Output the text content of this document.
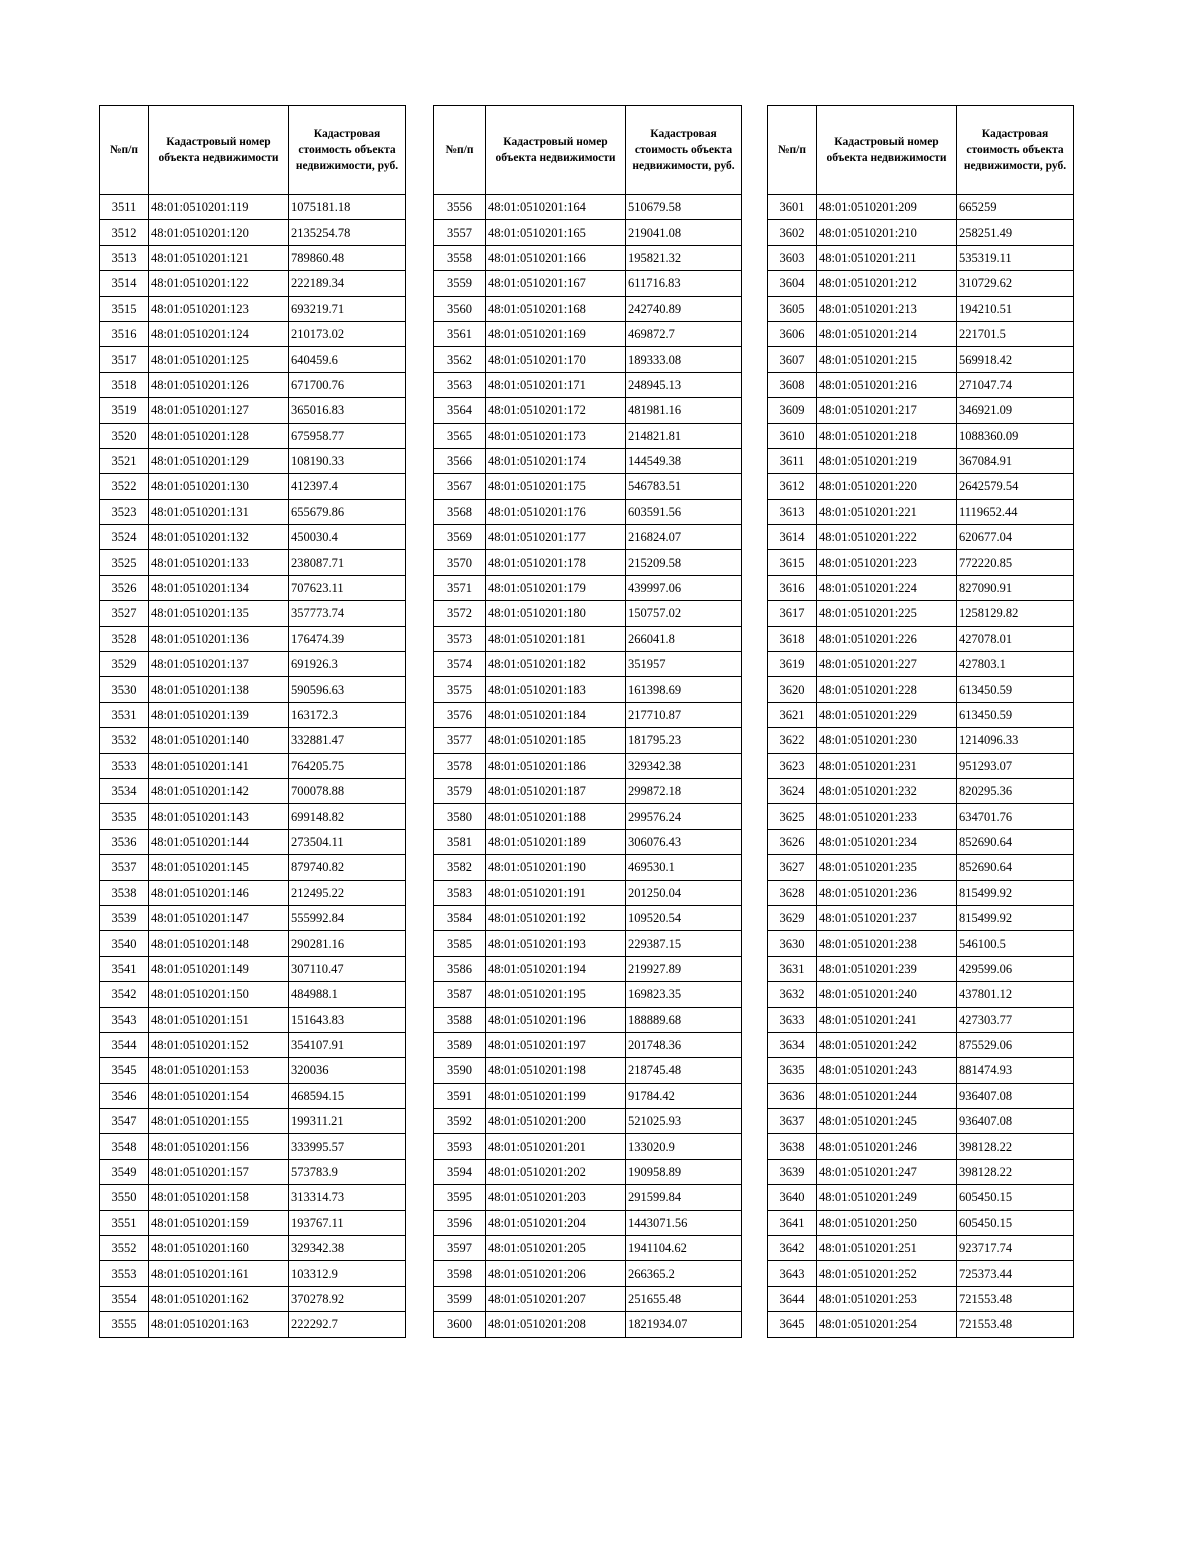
№п/п	Кадастровый номер объекта недвижимости	Кадастровая стоимость объекта недвижимости, руб.
3511	48:01:0510201:119	1075181.18
3512	48:01:0510201:120	2135254.78
3513	48:01:0510201:121	789860.48
3514	48:01:0510201:122	222189.34
3515	48:01:0510201:123	693219.71
3516	48:01:0510201:124	210173.02
3517	48:01:0510201:125	640459.6
3518	48:01:0510201:126	671700.76
3519	48:01:0510201:127	365016.83
3520	48:01:0510201:128	675958.77
3521	48:01:0510201:129	108190.33
3522	48:01:0510201:130	412397.4
3523	48:01:0510201:131	655679.86
3524	48:01:0510201:132	450030.4
3525	48:01:0510201:133	238087.71
3526	48:01:0510201:134	707623.11
3527	48:01:0510201:135	357773.74
3528	48:01:0510201:136	176474.39
3529	48:01:0510201:137	691926.3
3530	48:01:0510201:138	590596.63
3531	48:01:0510201:139	163172.3
3532	48:01:0510201:140	332881.47
3533	48:01:0510201:141	764205.75
3534	48:01:0510201:142	700078.88
3535	48:01:0510201:143	699148.82
3536	48:01:0510201:144	273504.11
3537	48:01:0510201:145	879740.82
3538	48:01:0510201:146	212495.22
3539	48:01:0510201:147	555992.84
3540	48:01:0510201:148	290281.16
3541	48:01:0510201:149	307110.47
3542	48:01:0510201:150	484988.1
3543	48:01:0510201:151	151643.83
3544	48:01:0510201:152	354107.91
3545	48:01:0510201:153	320036
3546	48:01:0510201:154	468594.15
3547	48:01:0510201:155	199311.21
3548	48:01:0510201:156	333995.57
3549	48:01:0510201:157	573783.9
3550	48:01:0510201:158	313314.73
3551	48:01:0510201:159	193767.11
3552	48:01:0510201:160	329342.38
3553	48:01:0510201:161	103312.9
3554	48:01:0510201:162	370278.92
3555	48:01:0510201:163	222292.7
№п/п	Кадастровый номер объекта недвижимости	Кадастровая стоимость объекта недвижимости, руб.
3556	48:01:0510201:164	510679.58
3557	48:01:0510201:165	219041.08
3558	48:01:0510201:166	195821.32
3559	48:01:0510201:167	611716.83
3560	48:01:0510201:168	242740.89
3561	48:01:0510201:169	469872.7
3562	48:01:0510201:170	189333.08
3563	48:01:0510201:171	248945.13
3564	48:01:0510201:172	481981.16
3565	48:01:0510201:173	214821.81
3566	48:01:0510201:174	144549.38
3567	48:01:0510201:175	546783.51
3568	48:01:0510201:176	603591.56
3569	48:01:0510201:177	216824.07
3570	48:01:0510201:178	215209.58
3571	48:01:0510201:179	439997.06
3572	48:01:0510201:180	150757.02
3573	48:01:0510201:181	266041.8
3574	48:01:0510201:182	351957
3575	48:01:0510201:183	161398.69
3576	48:01:0510201:184	217710.87
3577	48:01:0510201:185	181795.23
3578	48:01:0510201:186	329342.38
3579	48:01:0510201:187	299872.18
3580	48:01:0510201:188	299576.24
3581	48:01:0510201:189	306076.43
3582	48:01:0510201:190	469530.1
3583	48:01:0510201:191	201250.04
3584	48:01:0510201:192	109520.54
3585	48:01:0510201:193	229387.15
3586	48:01:0510201:194	219927.89
3587	48:01:0510201:195	169823.35
3588	48:01:0510201:196	188889.68
3589	48:01:0510201:197	201748.36
3590	48:01:0510201:198	218745.48
3591	48:01:0510201:199	91784.42
3592	48:01:0510201:200	521025.93
3593	48:01:0510201:201	133020.9
3594	48:01:0510201:202	190958.89
3595	48:01:0510201:203	291599.84
3596	48:01:0510201:204	1443071.56
3597	48:01:0510201:205	1941104.62
3598	48:01:0510201:206	266365.2
3599	48:01:0510201:207	251655.48
3600	48:01:0510201:208	1821934.07
№п/п	Кадастровый номер объекта недвижимости	Кадастровая стоимость объекта недвижимости, руб.
3601	48:01:0510201:209	665259
3602	48:01:0510201:210	258251.49
3603	48:01:0510201:211	535319.11
3604	48:01:0510201:212	310729.62
3605	48:01:0510201:213	194210.51
3606	48:01:0510201:214	221701.5
3607	48:01:0510201:215	569918.42
3608	48:01:0510201:216	271047.74
3609	48:01:0510201:217	346921.09
3610	48:01:0510201:218	1088360.09
3611	48:01:0510201:219	367084.91
3612	48:01:0510201:220	2642579.54
3613	48:01:0510201:221	1119652.44
3614	48:01:0510201:222	620677.04
3615	48:01:0510201:223	772220.85
3616	48:01:0510201:224	827090.91
3617	48:01:0510201:225	1258129.82
3618	48:01:0510201:226	427078.01
3619	48:01:0510201:227	427803.1
3620	48:01:0510201:228	613450.59
3621	48:01:0510201:229	613450.59
3622	48:01:0510201:230	1214096.33
3623	48:01:0510201:231	951293.07
3624	48:01:0510201:232	820295.36
3625	48:01:0510201:233	634701.76
3626	48:01:0510201:234	852690.64
3627	48:01:0510201:235	852690.64
3628	48:01:0510201:236	815499.92
3629	48:01:0510201:237	815499.92
3630	48:01:0510201:238	546100.5
3631	48:01:0510201:239	429599.06
3632	48:01:0510201:240	437801.12
3633	48:01:0510201:241	427303.77
3634	48:01:0510201:242	875529.06
3635	48:01:0510201:243	881474.93
3636	48:01:0510201:244	936407.08
3637	48:01:0510201:245	936407.08
3638	48:01:0510201:246	398128.22
3639	48:01:0510201:247	398128.22
3640	48:01:0510201:249	605450.15
3641	48:01:0510201:250	605450.15
3642	48:01:0510201:251	923717.74
3643	48:01:0510201:252	725373.44
3644	48:01:0510201:253	721553.48
3645	48:01:0510201:254	721553.48
